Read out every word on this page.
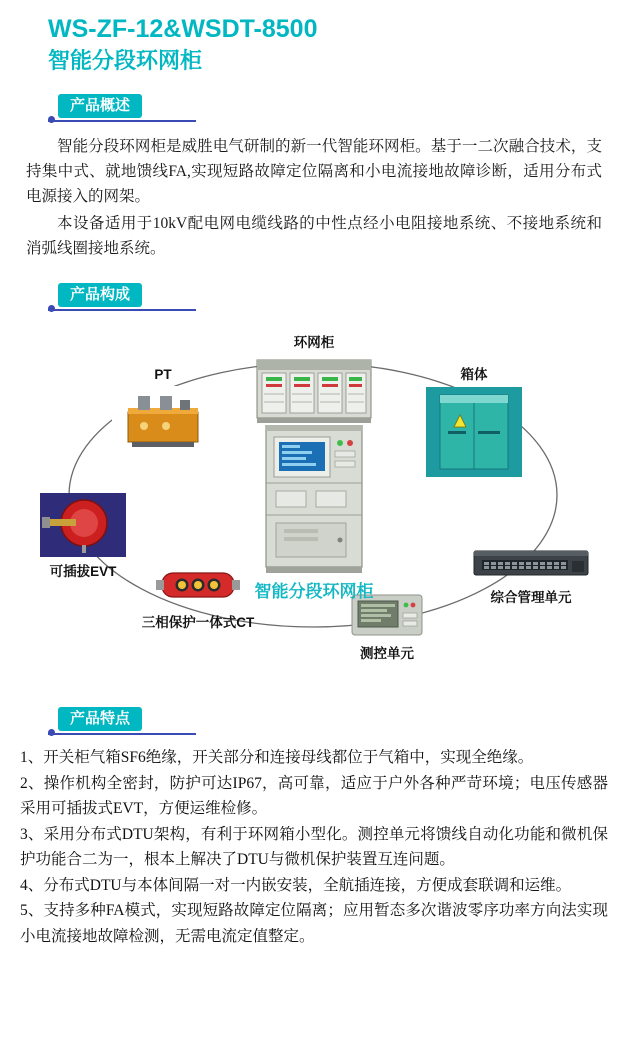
WS-ZF-12&WSDT-8500
智能分段环网柜
产品概述

智能分段环网柜是威胜电气研制的新一代智能环网柜。基于一二次融合技术，支持集中式、就地馈线FA,实现短路故障定位隔离和小电流接地故障诊断，适用分布式电源接入的网架。

本设备适用于10kV配电网电缆线路的中性点经小电阻接地系统、不接地系统和消弧线圈接地系统。

产品构成
环网柜
箱体
PT
综合管理单元
可插拔EVT
测控单元
三相保护一体式CT
智能分段环网柜
产品特点

1、开关柜气箱SF6绝缘，开关部分和连接母线都位于气箱中，实现全绝缘。

2、操作机构全密封，防护可达IP67，高可靠，适应于户外各种严苛环境；电压传感器采用可插拔式EVT，方便运维检修。

3、采用分布式DTU架构，有利于环网箱小型化。测控单元将馈线自动化功能和微机保护功能合二为一，根本上解决了DTU与微机保护装置互连问题。

4、分布式DTU与本体间隔一对一内嵌安装，全航插连接，方便成套联调和运维。

5、支持多种FA模式，实现短路故障定位隔离；应用暂态多次谐波零序功率方向法实现小电流接地故障检测，无需电流定值整定。
